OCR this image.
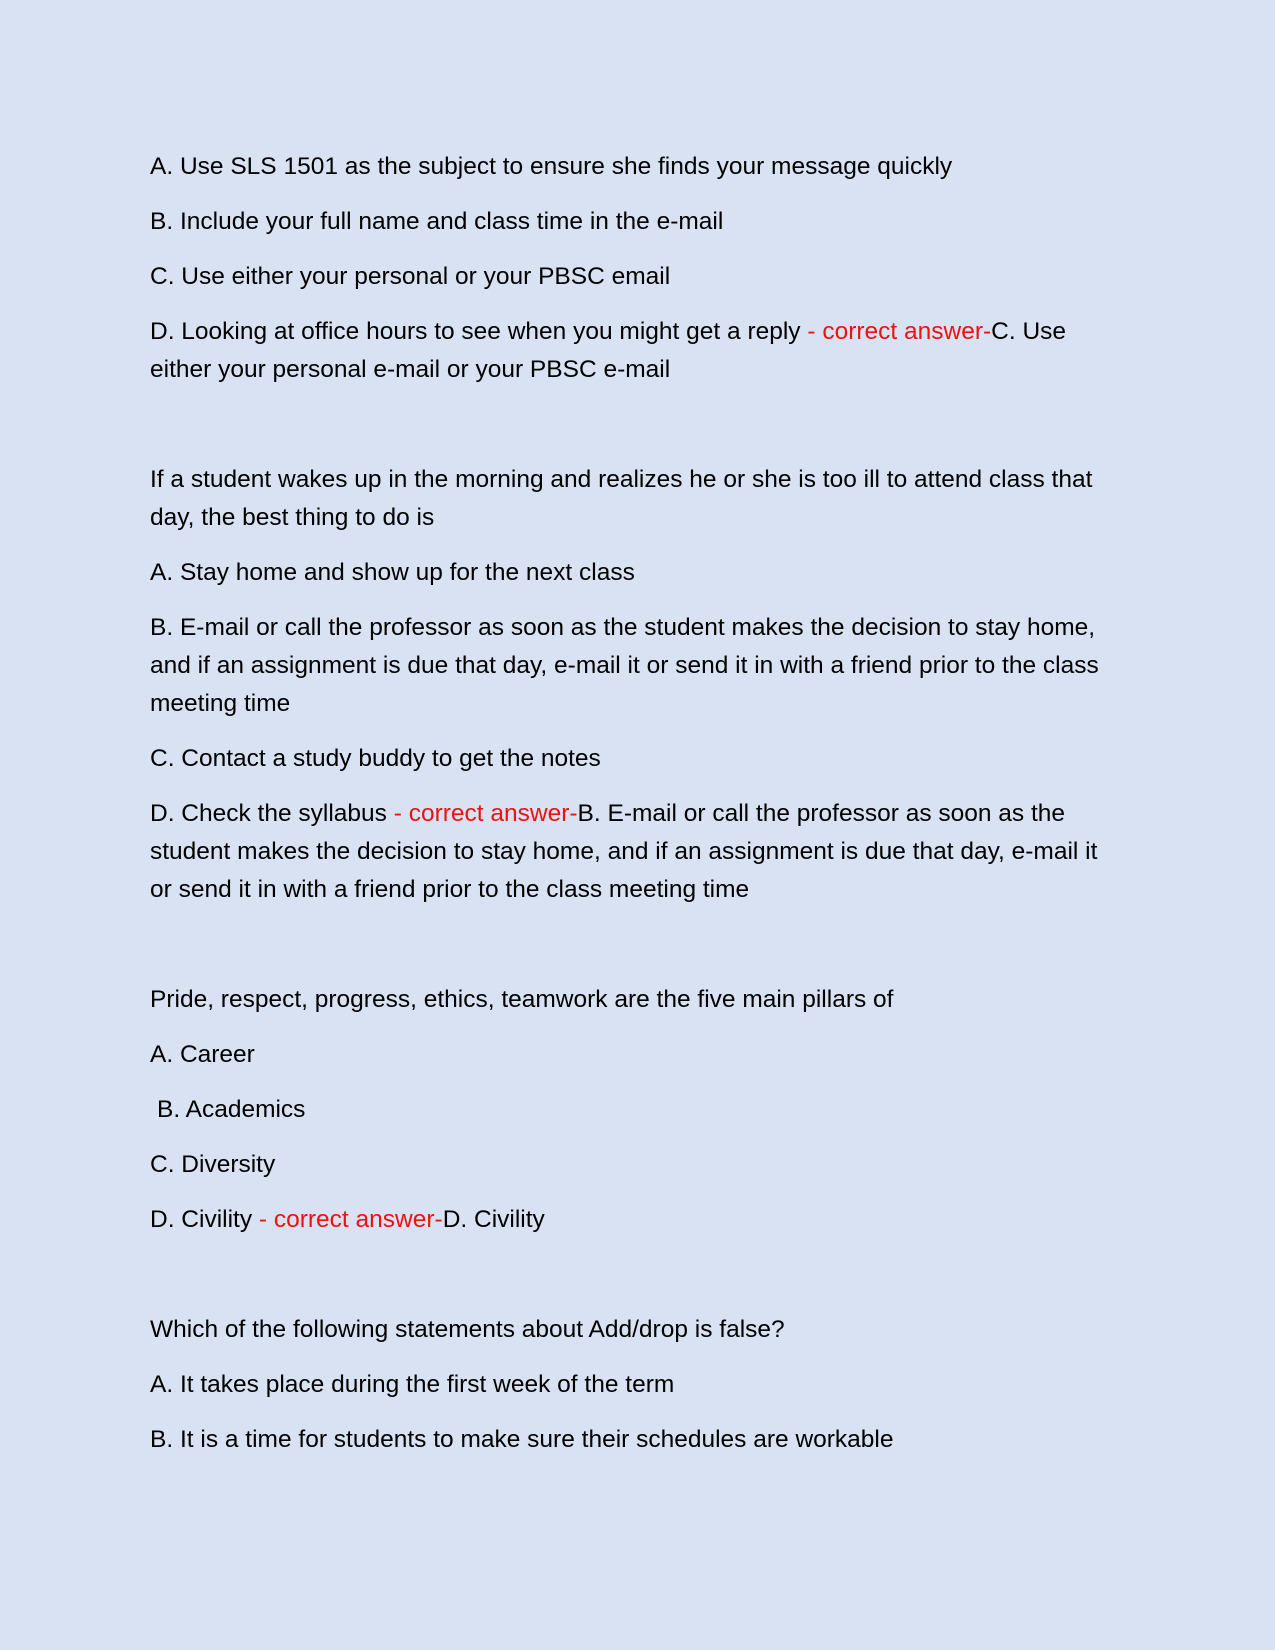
A. Use SLS 1501 as the subject to ensure she finds your message quickly

B. Include your full name and class time in the e-mail

C. Use either your personal or your PBSC email

D. Looking at office hours to see when you might get a reply - correct answer-C. Use either your personal e-mail or your PBSC e-mail

If a student wakes up in the morning and realizes he or she is too ill to attend class that day, the best thing to do is

A. Stay home and show up for the next class

B. E-mail or call the professor as soon as the student makes the decision to stay home, and if an assignment is due that day, e-mail it or send it in with a friend prior to the class meeting time

C. Contact a study buddy to get the notes

D. Check the syllabus - correct answer-B. E-mail or call the professor as soon as the student makes the decision to stay home, and if an assignment is due that day, e-mail it or send it in with a friend prior to the class meeting time

Pride, respect, progress, ethics, teamwork are the five main pillars of

A. Career

B. Academics

C. Diversity

D. Civility - correct answer-D. Civility

Which of the following statements about Add/drop is false?

A. It takes place during the first week of the term

B. It is a time for students to make sure their schedules are workable
